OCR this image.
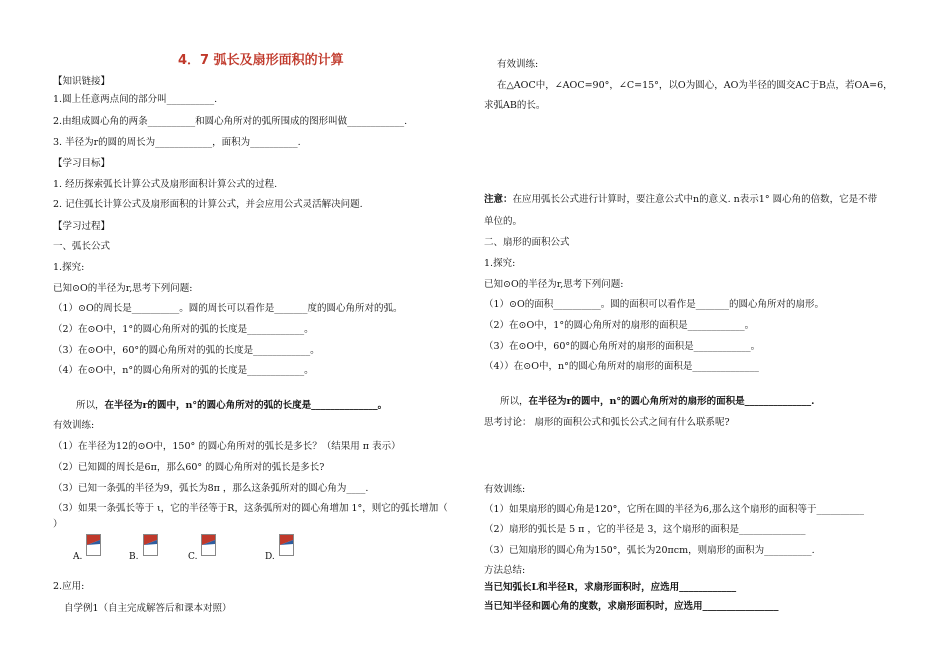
4．7 弧长及扇形面积的计算
【知识链接】
1.圆上任意两点间的部分叫__________.
2.由组成圆心角的两条__________和圆心角所对的弧所围成的图形叫做____________.
3. 半径为r的圆的周长为____________，面积为__________.
【学习目标】
1. 经历探索弧长计算公式及扇形面积计算公式的过程.
2. 记住弧长计算公式及扇形面积的计算公式，并会应用公式灵活解决问题.
【学习过程】
一、弧长公式
1.探究:
已知⊙O的半径为r,思考下列问题:
（1）⊙O的周长是__________。圆的周长可以看作是_______度的圆心角所对的弧。
（2）在⊙O中，1°的圆心角所对的弧的长度是____________。
（3）在⊙O中，60°的圆心角所对的弧的长度是____________。
（4）在⊙O中，n°的圆心角所对的弧的长度是____________。
所以，在半径为r的圆中，n°的圆心角所对的弧的长度是______________。
有效训练:
（1）在半径为12的⊙O中，150° 的圆心角所对的弧长是多长？（结果用 π 表示）
（2）已知圆的周长是6π，那么60° 的圆心角所对的弧长是多长?
（3）已知一条弧的半径为9，弧长为8π ，那么这条弧所对的圆心角为____.
（3）如果一条弧长等于 ι，它的半径等于R，这条弧所对的圆心角增加 1°，则它的弧长增加（
）
A.	B.	C.	D.
2.应用:
自学例1（自主完成解答后和课本对照）
有效训练:
在△AOC中，∠AOC=90°，∠C=15°，以O为圆心，AO为半径的圆交AC于B点，若OA=6，
求弧AB的长。
注意：在应用弧长公式进行计算时，要注意公式中n的意义. n表示1° 圆心角的倍数，它是不带
单位的。
二、扇形的面积公式
1.探究:
已知⊙O的半径为r,思考下列问题:
（1）⊙O的面积__________。圆的面积可以看作是_______的圆心角所对的扇形。
（2）在⊙O中，1°的圆心角所对的扇形的面积是____________。
（3）在⊙O中，60°的圆心角所对的扇形的面积是____________。
（4））在⊙O中，n°的圆心角所对的扇形的面积是______________
所以，在半径为r的圆中，n°的圆心角所对的扇形的面积是______________.
思考讨论： 扇形的面积公式和弧长公式之间有什么联系呢?
有效训练:
（1）如果扇形的圆心角是120°，它所在圆的半径为6,那么这个扇形的面积等于__________
（2）扇形的弧长是 5 π ，它的半径是 3，这个扇形的面积是______________
（3）已知扇形的圆心角为150°，弧长为20πcm，则扇形的面积为__________.
方法总结:
当已知弧长L和半径R，求扇形面积时，应选用____________
当已知半径和圆心角的度数，求扇形面积时，应选用________________
